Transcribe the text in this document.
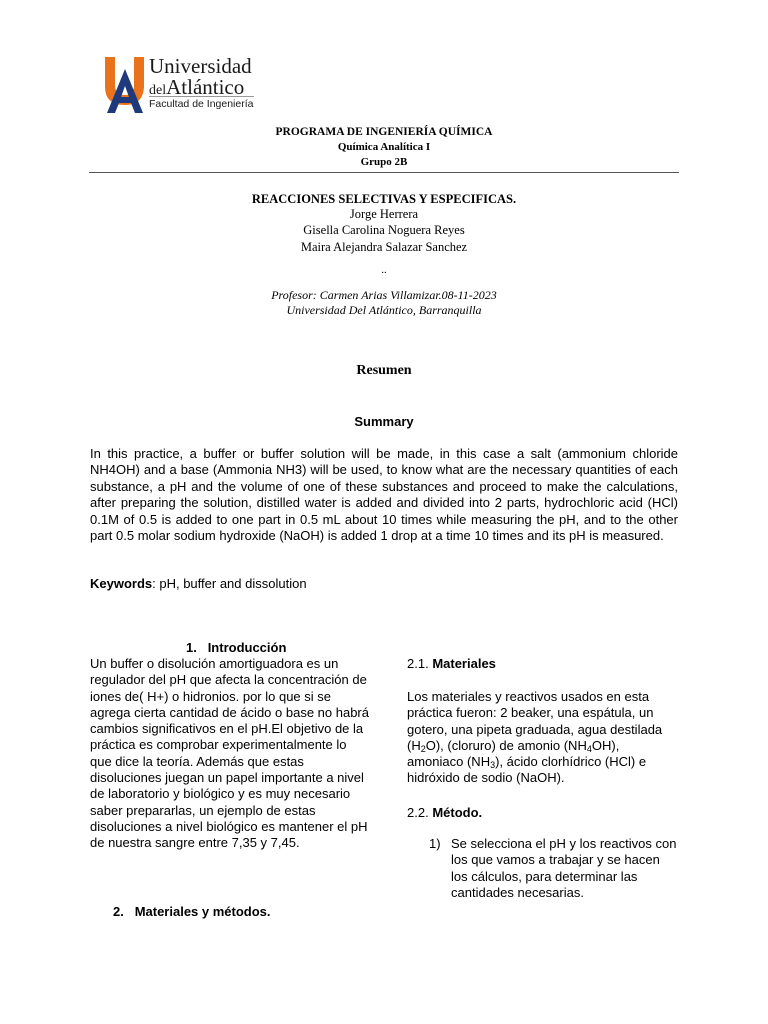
Universidad
delAtlántico
Facultad de Ingeniería
PROGRAMA DE INGENIERÍA QUÍMICA
Química Analítica I
Grupo 2B
REACCIONES SELECTIVAS Y ESPECIFICAS.
Jorge Herrera
Gisella Carolina Noguera Reyes
Maira Alejandra Salazar Sanchez
..
Profesor: Carmen Arias Villamizar.08-11-2023
Universidad Del Atlántico, Barranquilla
Resumen
Summary
In this practice, a buffer or buffer solution will be made, in this case a salt (ammonium chloride NH4OH) and a base (Ammonia NH3) will be used, to know what are the necessary quantities of each substance, a pH and the volume of one of these substances and proceed to make the calculations, after preparing the solution, distilled water is added and divided into 2 parts, hydrochloric acid (HCl) 0.1M of 0.5 is added to one part in 0.5 mL about 10 times while measuring the pH, and to the other part 0.5 molar sodium hydroxide (NaOH) is added 1 drop at a time 10 times and its pH is measured.
Keywords: pH, buffer and dissolution
1. Introducción
Un buffer o disolución amortiguadora es un regulador del pH que afecta la concentración de iones de( H+) o hidronios. por lo que si se agrega cierta cantidad de ácido o base no habrá cambios significativos en el pH.El objetivo de la práctica es comprobar experimentalmente lo que dice la teoría. Además que estas disoluciones juegan un papel importante a nivel de laboratorio y biológico y es muy necesario saber prepararlas, un ejemplo de estas disoluciones a nivel biológico es mantener el pH de nuestra sangre entre 7,35 y 7,45.
2. Materiales y métodos.
2.1. Materiales
Los materiales y reactivos usados en esta práctica fueron: 2 beaker, una espátula, un gotero, una pipeta graduada, agua destilada $(H_2O)$, (cloruro) de amonio $(NH_4OH)$, amoniaco $(NH_3)$, ácido clorhídrico (HCl) e hidróxido de sodio (NaOH).
2.2. Método.
1) Se selecciona el pH y los reactivos con los que vamos a trabajar y se hacen los cálculos, para determinar las cantidades necesarias.
